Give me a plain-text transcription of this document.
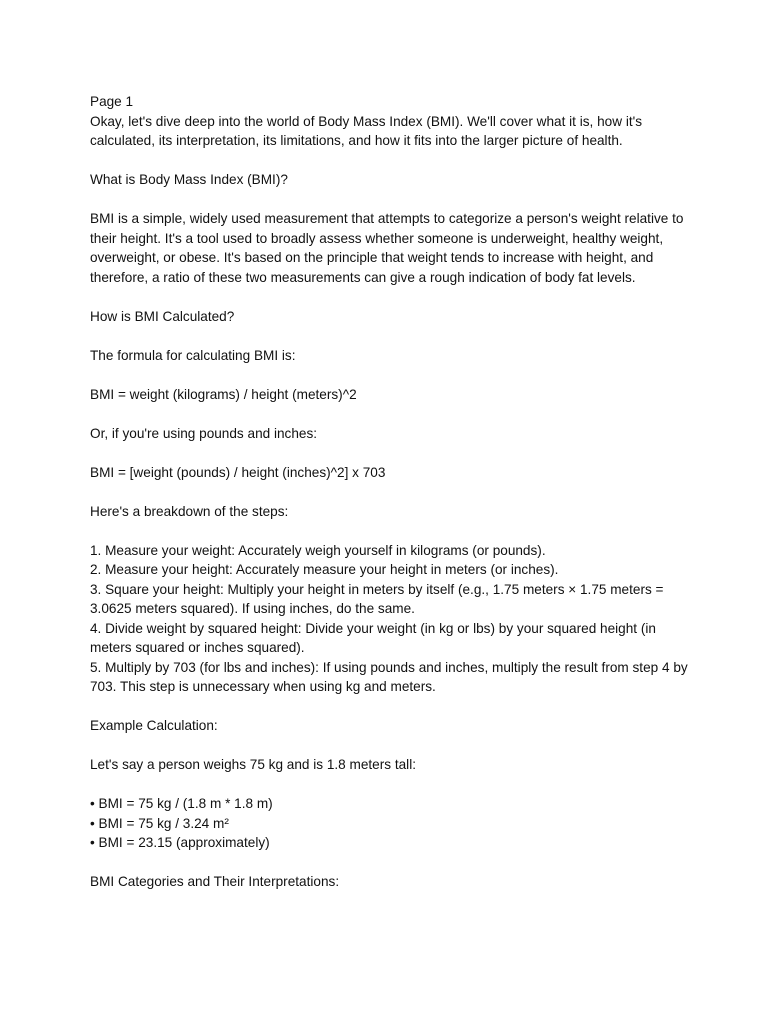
Page 1

Okay, let's dive deep into the world of Body Mass Index (BMI). We'll cover what it is, how it's calculated, its interpretation, its limitations, and how it fits into the larger picture of health.

What is Body Mass Index (BMI)?

BMI is a simple, widely used measurement that attempts to categorize a person's weight relative to their height. It's a tool used to broadly assess whether someone is underweight, healthy weight, overweight, or obese. It's based on the principle that weight tends to increase with height, and therefore, a ratio of these two measurements can give a rough indication of body fat levels.

How is BMI Calculated?

The formula for calculating BMI is:

BMI = weight (kilograms) / height (meters)^2

Or, if you're using pounds and inches:

BMI = [weight (pounds) / height (inches)^2] x 703

Here's a breakdown of the steps:

1. Measure your weight: Accurately weigh yourself in kilograms (or pounds).

2. Measure your height: Accurately measure your height in meters (or inches).

3. Square your height: Multiply your height in meters by itself (e.g., 1.75 meters × 1.75 meters = 3.0625 meters squared). If using inches, do the same.

4. Divide weight by squared height: Divide your weight (in kg or lbs) by your squared height (in meters squared or inches squared).

5. Multiply by 703 (for lbs and inches): If using pounds and inches, multiply the result from step 4 by 703. This step is unnecessary when using kg and meters.

Example Calculation:

Let's say a person weighs 75 kg and is 1.8 meters tall:

• BMI = 75 kg / (1.8 m * 1.8 m)

• BMI = 75 kg / 3.24 m²

• BMI = 23.15 (approximately)

BMI Categories and Their Interpretations:
